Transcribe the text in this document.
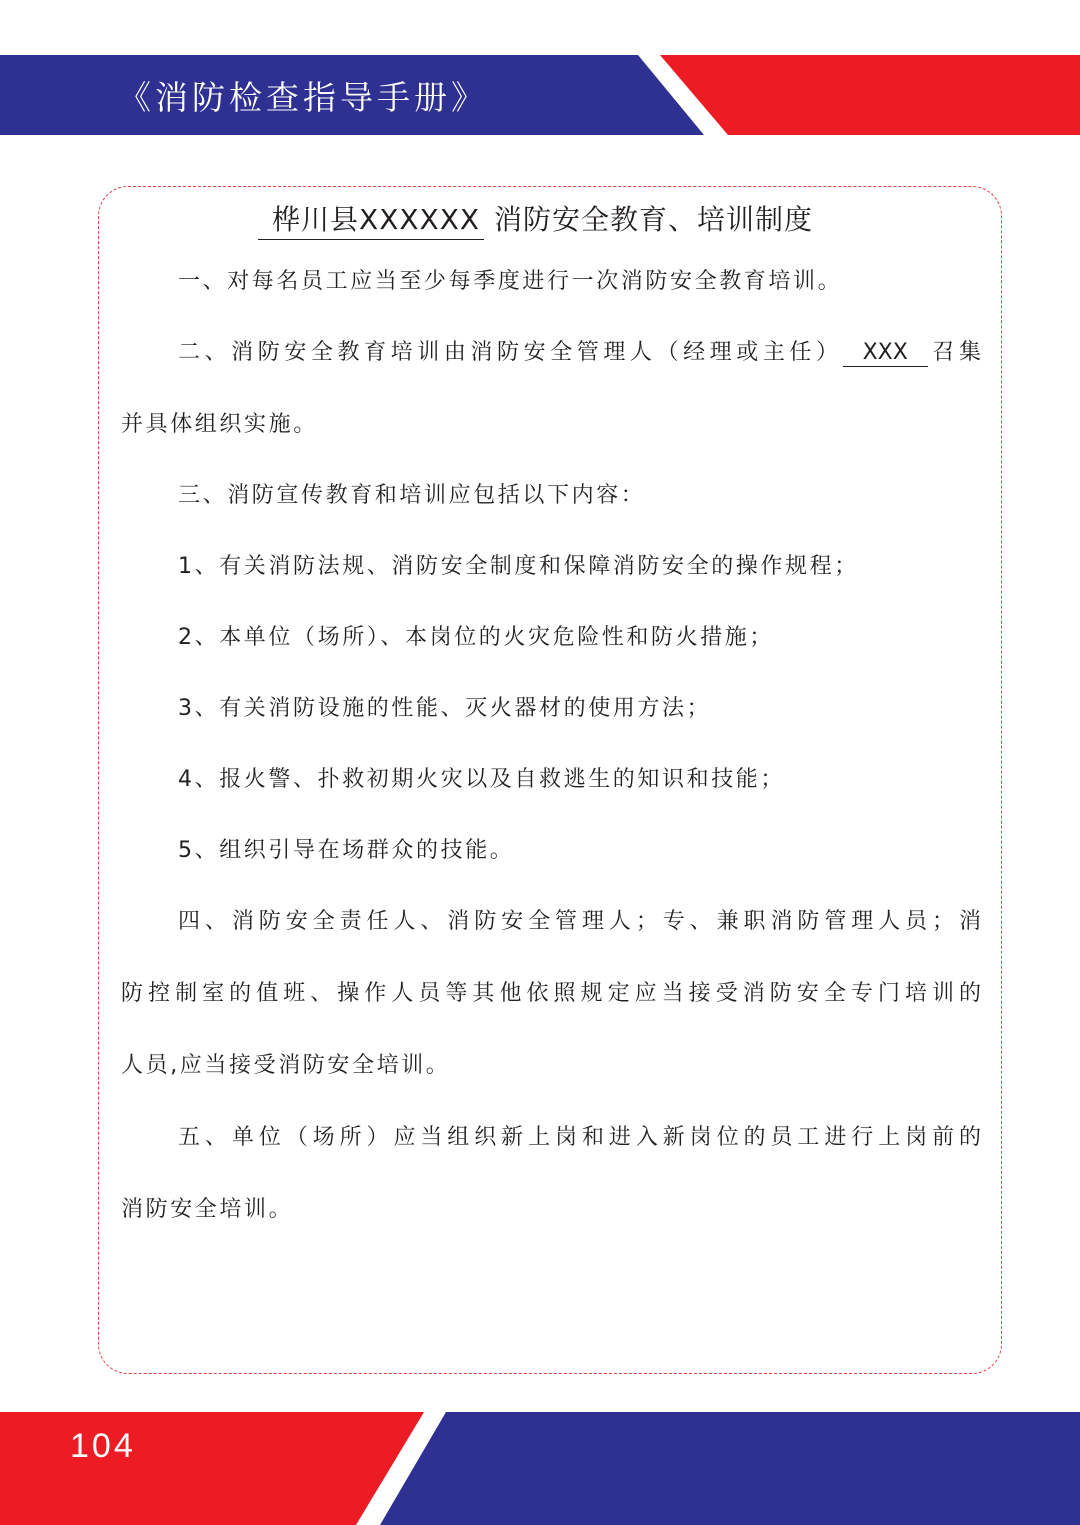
《消防检查指导手册》
桦川县XXXXXX 消防安全教育、培训制度
一、对每名员工应当至少每季度进行一次消防安全教育培训。
二、消防安全教育培训由消防安全管理人（经理或主任） XXX 召集
并具体组织实施。
三、消防宣传教育和培训应包括以下内容：
1、有关消防法规、消防安全制度和保障消防安全的操作规程；
2、本单位（场所）、本岗位的火灾危险性和防火措施；
3、有关消防设施的性能、灭火器材的使用方法；
4、报火警、扑救初期火灾以及自救逃生的知识和技能；
5、组织引导在场群众的技能。
四、消防安全责任人、消防安全管理人；专、兼职消防管理人员；消
防控制室的值班、操作人员等其他依照规定应当接受消防安全专门培训的
人员,应当接受消防安全培训。
五、单位（场所）应当组织新上岗和进入新岗位的员工进行上岗前的
消防安全培训。
